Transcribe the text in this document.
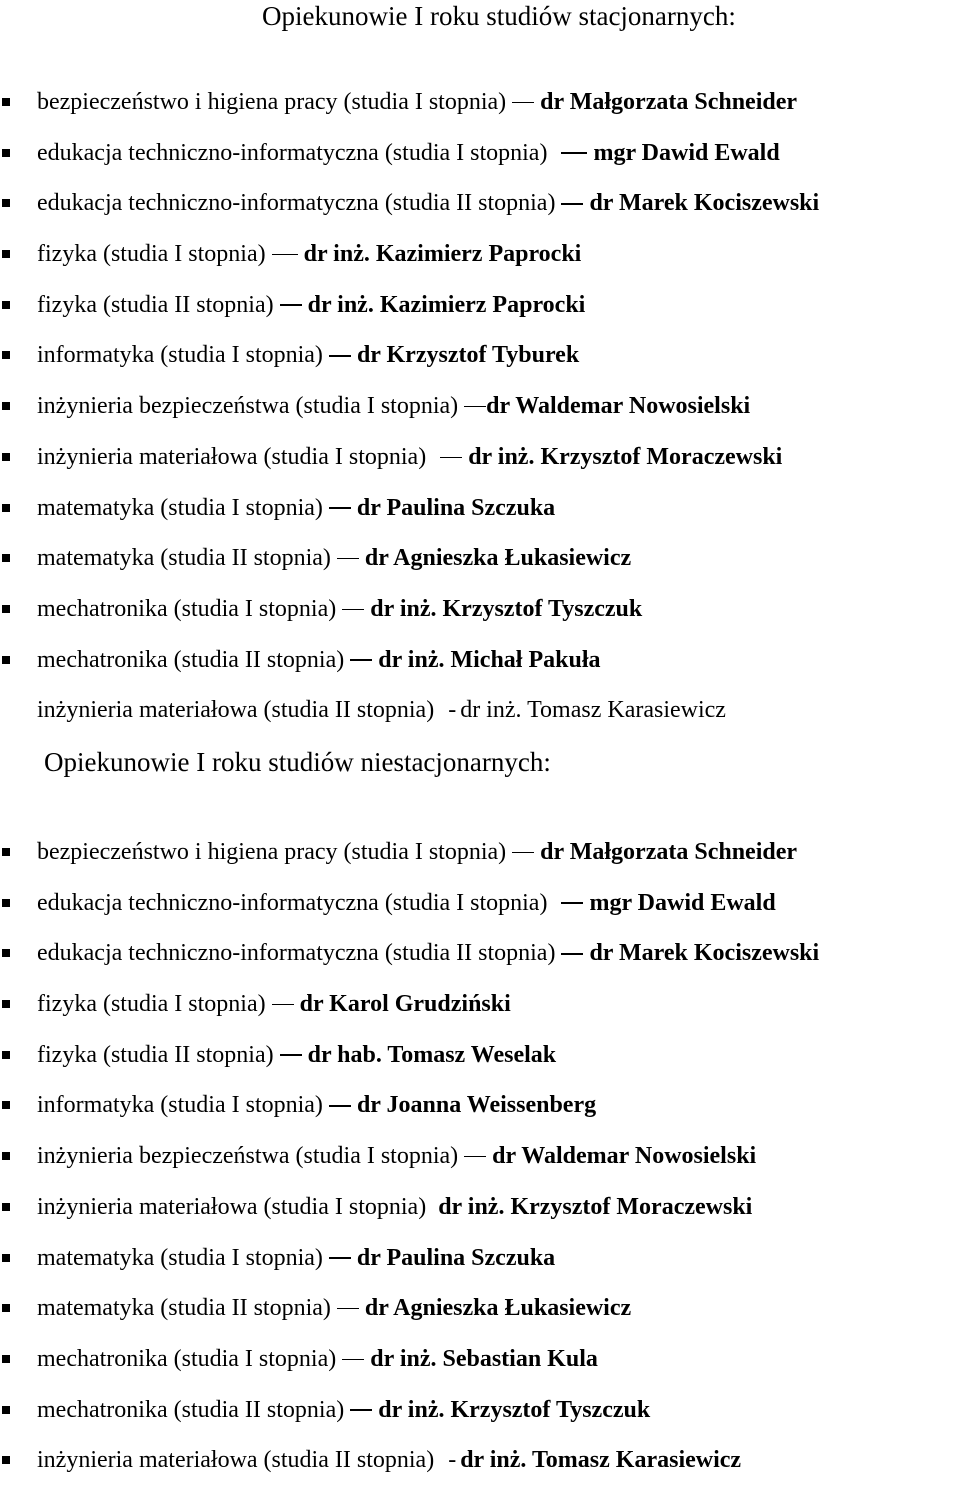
Opiekunowie I roku studiów stacjonarnych:
bezpieczeństwo i higiena pracy (studia I stopnia) dr Małgorzata Schneider
edukacja techniczno-informatyczna (studia I stopnia) mgr Dawid Ewald
edukacja techniczno-informatyczna (studia II stopnia) dr Marek Kociszewski
fizyka (studia I stopnia) dr inż. Kazimierz Paprocki
fizyka (studia II stopnia) dr inż. Kazimierz Paprocki
informatyka (studia I stopnia) dr Krzysztof Tyburek
inżynieria bezpieczeństwa (studia I stopnia) dr Waldemar Nowosielski
inżynieria materiałowa (studia I stopnia) dr inż. Krzysztof Moraczewski
matematyka (studia I stopnia) dr Paulina Szczuka
matematyka (studia II stopnia) dr Agnieszka Łukasiewicz
mechatronika (studia I stopnia) dr inż. Krzysztof Tyszczuk
mechatronika (studia II stopnia) dr inż. Michał Pakuła
inżynieria materiałowa (studia II stopnia) - dr inż. Tomasz Karasiewicz
Opiekunowie I roku studiów niestacjonarnych:
bezpieczeństwo i higiena pracy (studia I stopnia) dr Małgorzata Schneider
edukacja techniczno-informatyczna (studia I stopnia) mgr Dawid Ewald
edukacja techniczno-informatyczna (studia II stopnia) dr Marek Kociszewski
fizyka (studia I stopnia) dr Karol Grudziński
fizyka (studia II stopnia) dr hab. Tomasz Weselak
informatyka (studia I stopnia) dr Joanna Weissenberg
inżynieria bezpieczeństwa (studia I stopnia) dr Waldemar Nowosielski
inżynieria materiałowa (studia I stopnia) dr inż. Krzysztof Moraczewski
matematyka (studia I stopnia) dr Paulina Szczuka
matematyka (studia II stopnia) dr Agnieszka Łukasiewicz
mechatronika (studia I stopnia) dr inż. Sebastian Kula
mechatronika (studia II stopnia) dr inż. Krzysztof Tyszczuk
inżynieria materiałowa (studia II stopnia) - dr inż. Tomasz Karasiewicz
